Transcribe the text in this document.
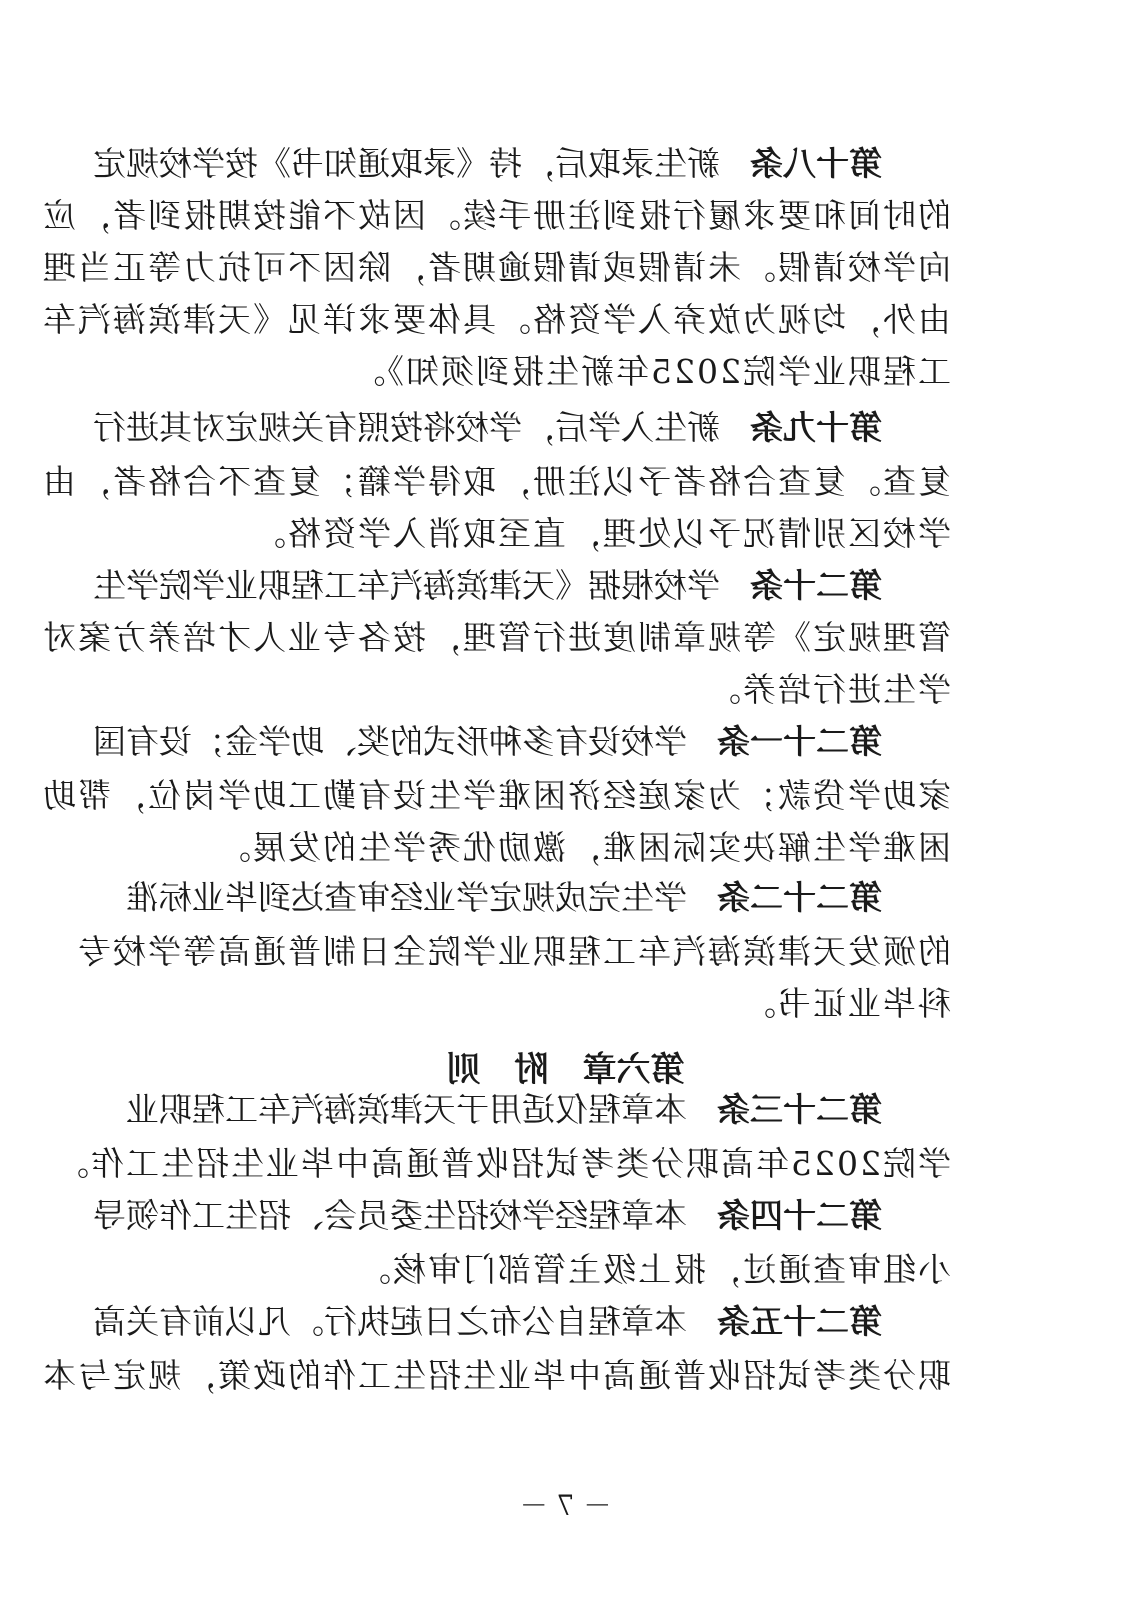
第十八条新生录取后，持《录取通知书》按学校规定
的时间和要求履行报到注册手续。因故不能按期报到者，应
向学校请假。未请假或请假逾期者，除因不可抗力等正当理
由外，均视为放弃入学资格。具体要求详见《天津滨海汽车
工程职业学院2025年新生报到须知》。
第十九条新生入学后，学校将按照有关规定对其进行
复查。复查合格者予以注册，取得学籍；复查不合格者，由
学校区别情况予以处理，直至取消入学资格。
第二十条学校根据《天津滨海汽车工程职业学院学生
管理规定》等规章制度进行管理，按各专业人才培养方案对
学生进行培养。
第二十一条学校设有多种形式的奖、助学金；设有国
家助学贷款；为家庭经济困难学生设有勤工助学岗位，帮助
困难学生解决实际困难，激励优秀学生的发展。
第二十二条学生完成规定学业经审查达到毕业标准
的颁发天津滨海汽车工程职业学院全日制普通高等学校专
科毕业证书。
第六章　附　则
第二十三条本章程仅适用于天津滨海汽车工程职业
学院2025年高职分类考试招收普通高中毕业生招生工作。
第二十四条本章程经学校招生委员会、招生工作领导
小组审查通过，报上级主管部门审核。
第二十五条本章程自公布之日起执行。凡以前有关高
职分类考试招收普通高中毕业生招生工作的政策，规定与本
－ 7 －
